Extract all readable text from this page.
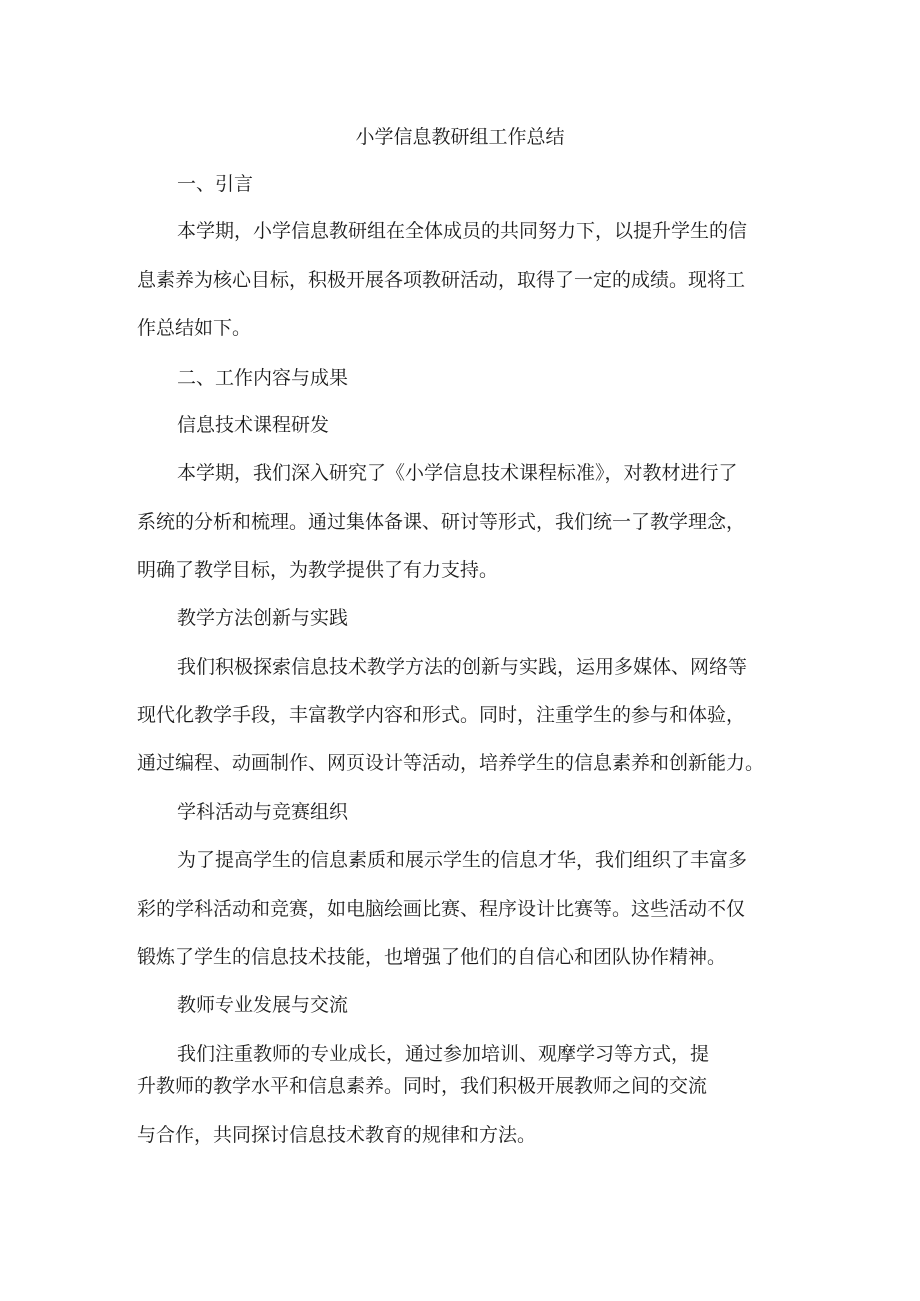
小学信息教研组工作总结
一、引言
本学期，小学信息教研组在全体成员的共同努力下，以提升学生的信
息素养为核心目标，积极开展各项教研活动，取得了一定的成绩。现将工
作总结如下。
二、工作内容与成果
信息技术课程研发
本学期，我们深入研究了《小学信息技术课程标准》，对教材进行了
系统的分析和梳理。通过集体备课、研讨等形式，我们统一了教学理念，
明确了教学目标，为教学提供了有力支持。
教学方法创新与实践
我们积极探索信息技术教学方法的创新与实践，运用多媒体、网络等
现代化教学手段，丰富教学内容和形式。同时，注重学生的参与和体验，
通过编程、动画制作、网页设计等活动，培养学生的信息素养和创新能力。
学科活动与竞赛组织
为了提高学生的信息素质和展示学生的信息才华，我们组织了丰富多
彩的学科活动和竞赛，如电脑绘画比赛、程序设计比赛等。这些活动不仅
锻炼了学生的信息技术技能，也增强了他们的自信心和团队协作精神。
教师专业发展与交流
我们注重教师的专业成长，通过参加培训、观摩学习等方式，提
升教师的教学水平和信息素养。同时，我们积极开展教师之间的交流
与合作，共同探讨信息技术教育的规律和方法。
